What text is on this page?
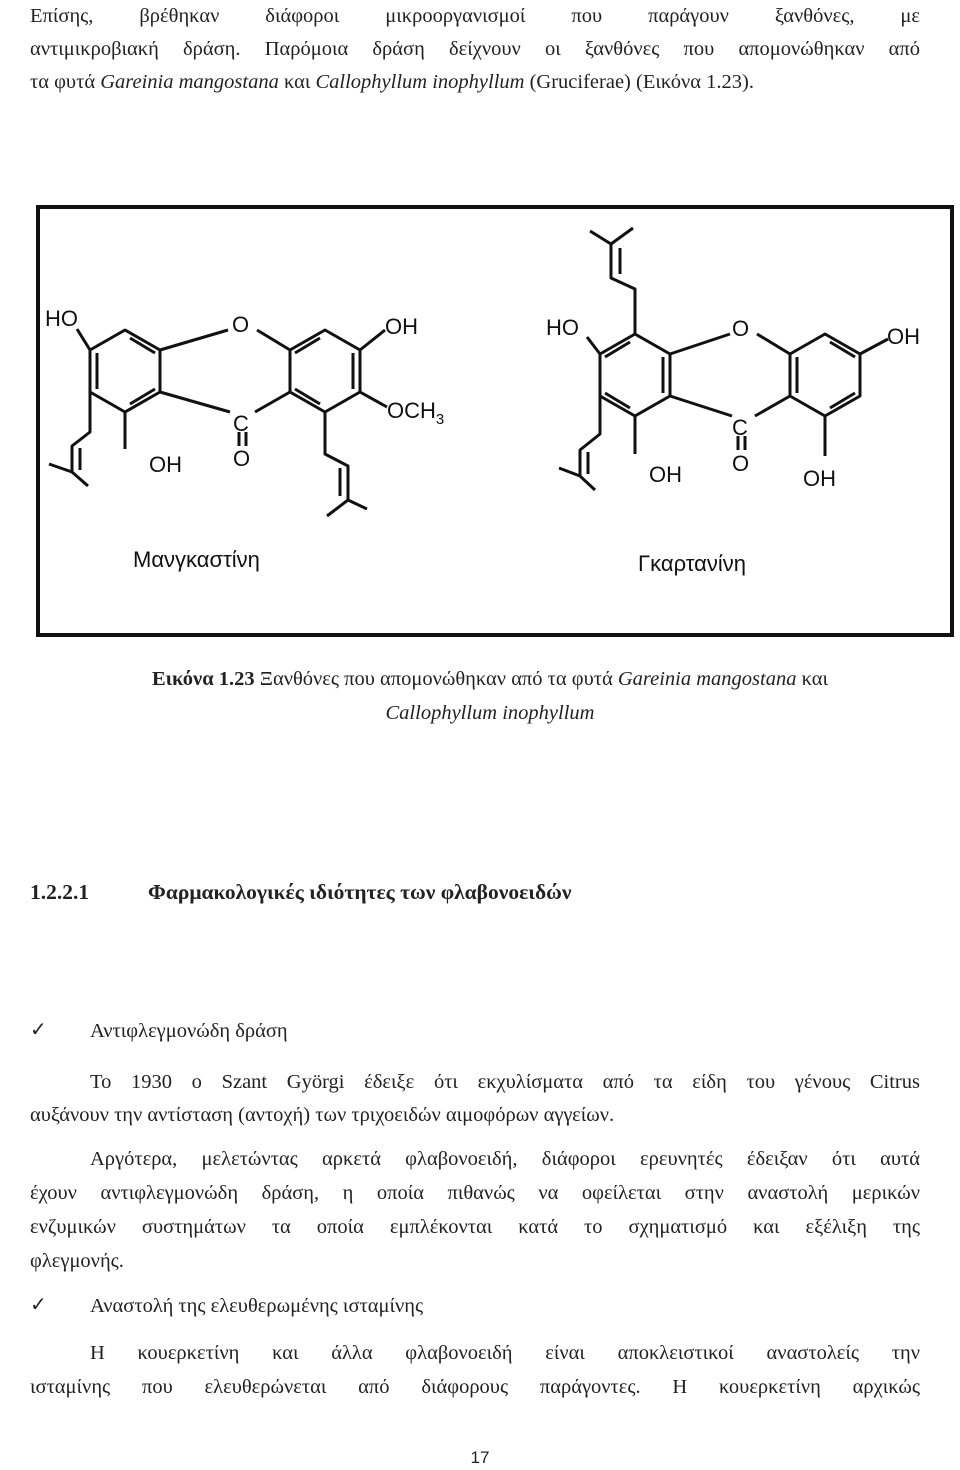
Επίσης, βρέθηκαν διάφοροι μικροοργανισμοί που παράγουν ξανθόνες, με
αντιμικροβιακή δράση. Παρόμοια δράση δείχνουν οι ξανθόνες που απομονώθηκαν από
τα φυτά Gareinia mangostana και Callophyllum inophyllum (Gruciferae) (Εικόνα 1.23).
HO	O	OH
$OCH_3$
C
O
OH
Μανγκαστίνη
HO	O	OH
C
O
OH	OH
Γκαρτανίνη
Εικόνα 1.23 Ξανθόνες που απομονώθηκαν από τα φυτά Gareinia mangostana και
Callophyllum inophyllum
1.2.2.1	Φαρμακολογικές ιδιότητες των φλαβονοειδών
✓ Αντιφλεγμονώδη δράση
Το 1930 ο Szant Györgi έδειξε ότι εκχυλίσματα από τα είδη του γένους Citrus
αυξάνουν την αντίσταση (αντοχή) των τριχοειδών αιμοφόρων αγγείων.
Αργότερα, μελετώντας αρκετά φλαβονοειδή, διάφοροι ερευνητές έδειξαν ότι αυτά
έχουν αντιφλεγμονώδη δράση, η οποία πιθανώς να οφείλεται στην αναστολή μερικών
ενζυμικών συστημάτων τα οποία εμπλέκονται κατά το σχηματισμό και εξέλιξη της
φλεγμονής.
✓ Αναστολή της ελευθερωμένης ισταμίνης
Η κουερκετίνη και άλλα φλαβονοειδή είναι αποκλειστικοί αναστολείς την
ισταμίνης που ελευθερώνεται από διάφορους παράγοντες. Η κουερκετίνη αρχικώς
17
